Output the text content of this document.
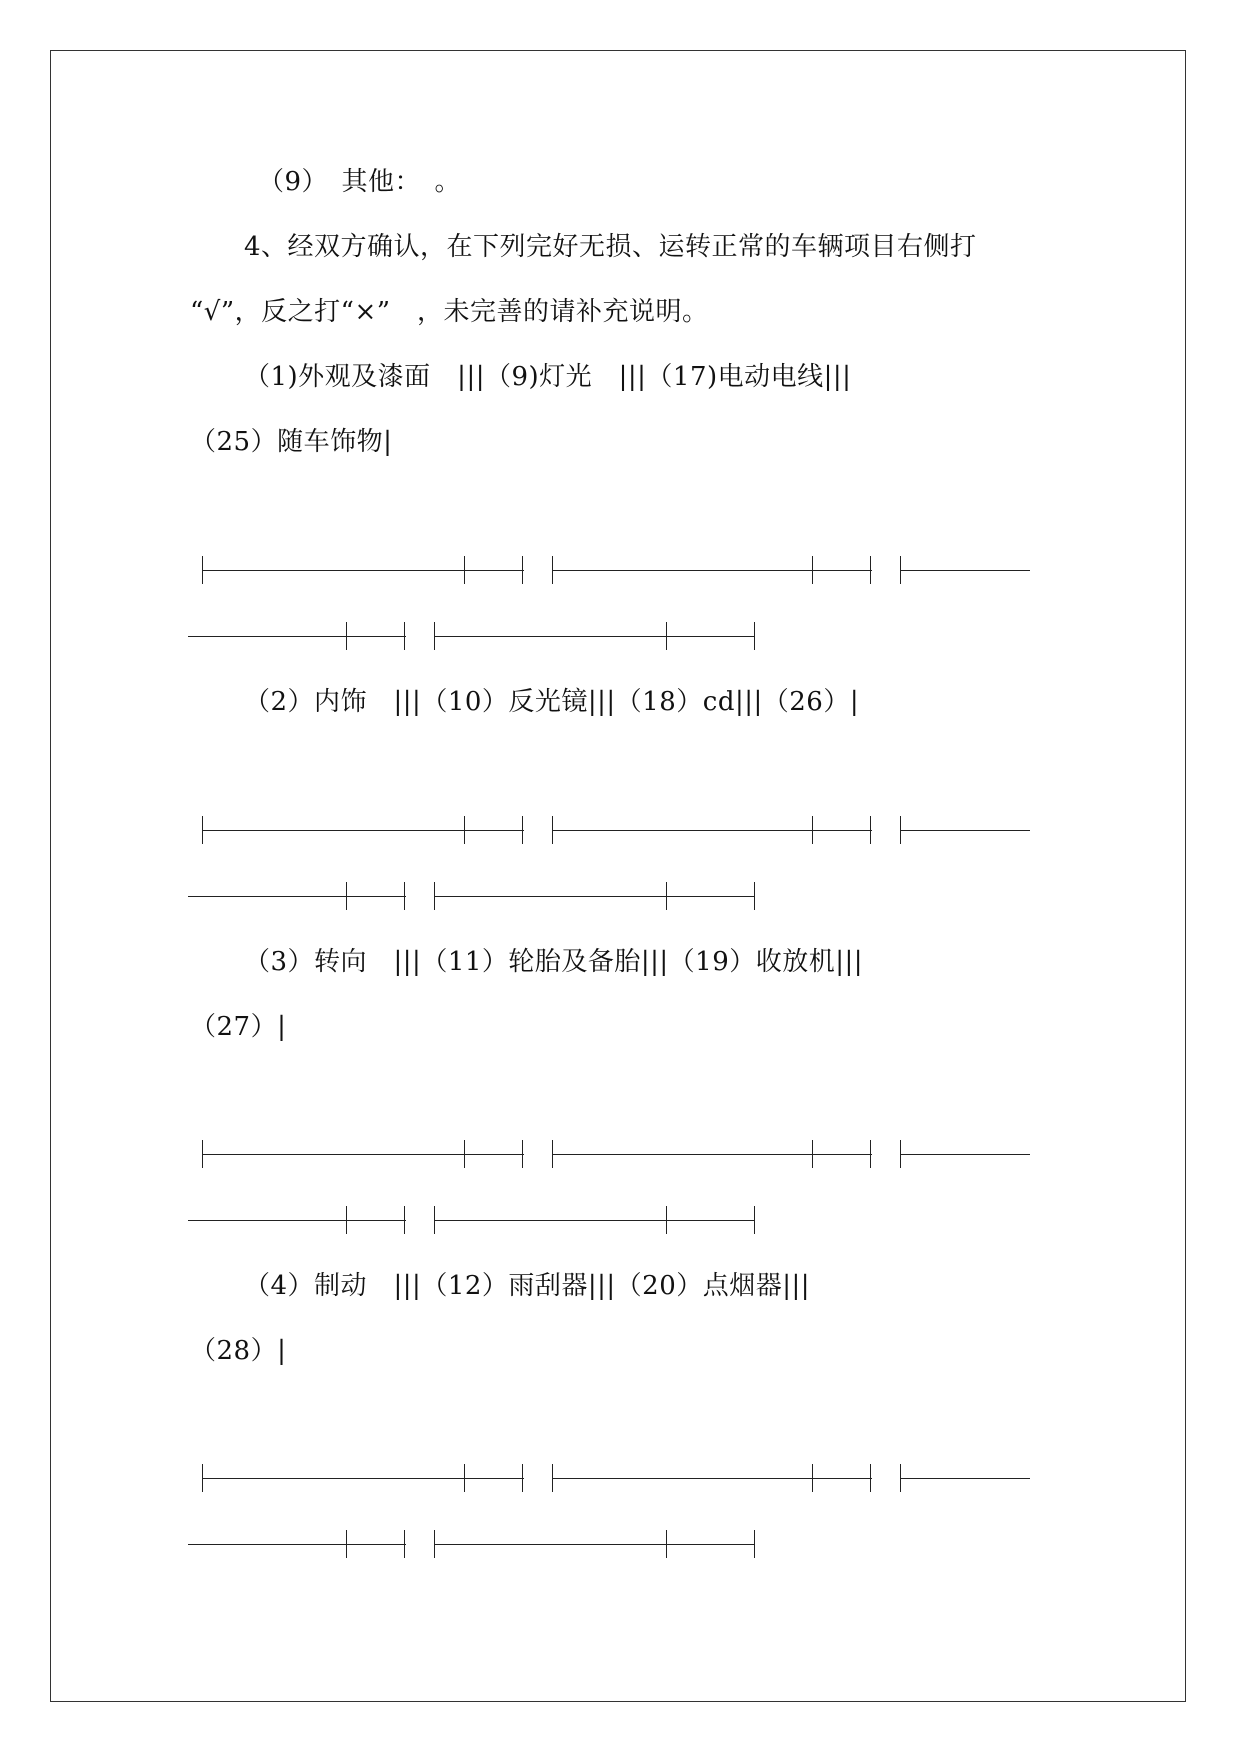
（9）　其他：　。
4、经双方确认，在下列完好无损、运转正常的车辆项目右侧打
“√”，反之打“×”　，未完善的请补充说明。
（1)外观及漆面　|||（9)灯光　|||（17)电动电线|||
（25）随车饰物|
（2）内饰　|||（10）反光镜|||（18）cd|||（26）|
（3）转向　|||（11）轮胎及备胎|||（19）收放机|||
（27）|
（4）制动　|||（12）雨刮器|||（20）点烟器|||
（28）|
